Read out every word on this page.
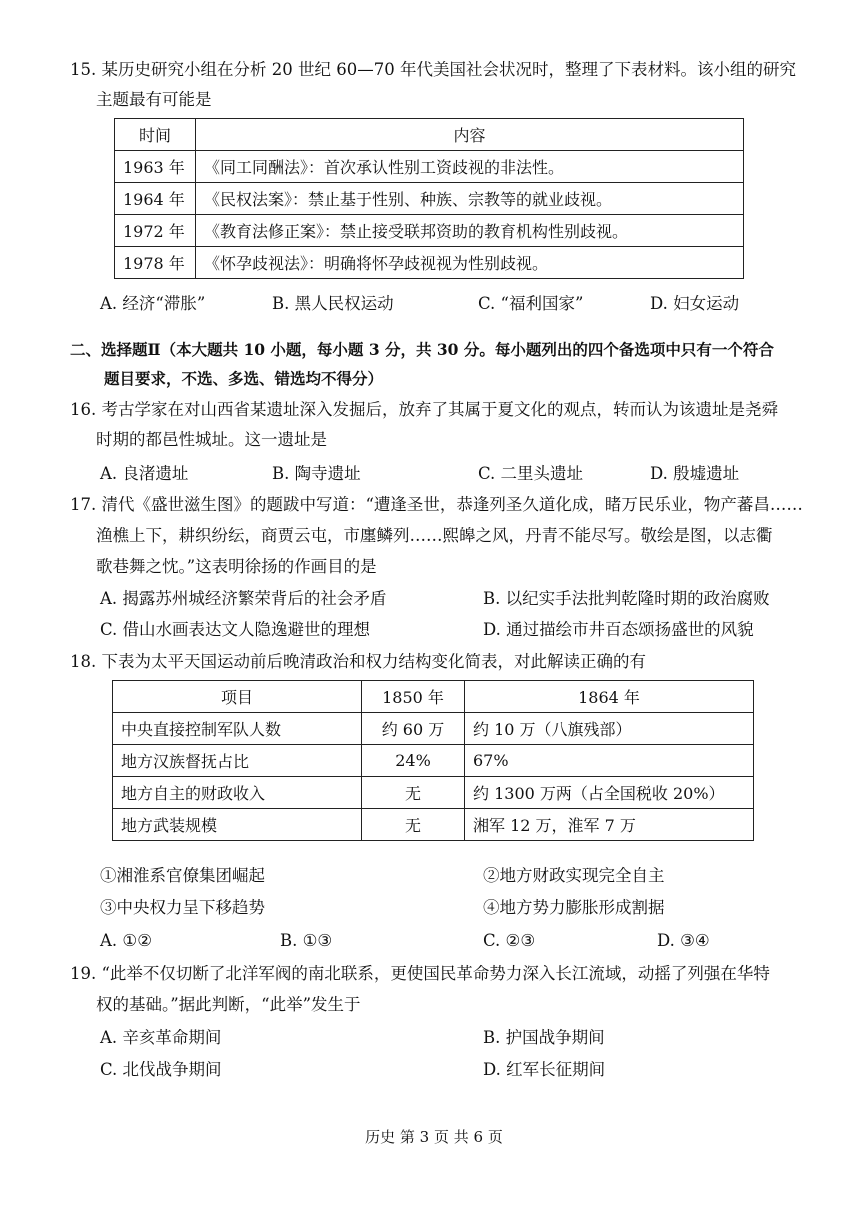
15. 某历史研究小组在分析 20 世纪 60—70 年代美国社会状况时，整理了下表材料。该小组的研究
主题最有可能是
时间	内容
1963 年	《同工同酬法》：首次承认性别工资歧视的非法性。
1964 年	《民权法案》：禁止基于性别、种族、宗教等的就业歧视。
1972 年	《教育法修正案》：禁止接受联邦资助的教育机构性别歧视。
1978 年	《怀孕歧视法》：明确将怀孕歧视视为性别歧视。
A. 经济“滞胀”	B. 黑人民权运动	C. “福利国家”	D. 妇女运动
二、选择题Ⅱ（本大题共 10 小题，每小题 3 分，共 30 分。每小题列出的四个备选项中只有一个符合
题目要求，不选、多选、错选均不得分）
16. 考古学家在对山西省某遗址深入发掘后，放弃了其属于夏文化的观点，转而认为该遗址是尧舜
时期的都邑性城址。这一遗址是
A. 良渚遗址	B. 陶寺遗址	C. 二里头遗址	D. 殷墟遗址
17. 清代《盛世滋生图》的题跋中写道：“遭逢圣世，恭逢列圣久道化成，睹万民乐业，物产蕃昌……
渔樵上下，耕织纷纭，商贾云屯，市廛鳞列……熙皞之风，丹青不能尽写。敬绘是图，以志衢
歌巷舞之忱。”这表明徐扬的作画目的是
A. 揭露苏州城经济繁荣背后的社会矛盾	B. 以纪实手法批判乾隆时期的政治腐败
C. 借山水画表达文人隐逸避世的理想	D. 通过描绘市井百态颂扬盛世的风貌
18. 下表为太平天国运动前后晚清政治和权力结构变化简表，对此解读正确的有
项目	1850 年	1864 年
中央直接控制军队人数	约 60 万	约 10 万（八旗残部）
地方汉族督抚占比	24%	67%
地方自主的财政收入	无	约 1300 万两（占全国税收 20%）
地方武装规模	无	湘军 12 万，淮军 7 万
①湘淮系官僚集团崛起	②地方财政实现完全自主
③中央权力呈下移趋势	④地方势力膨胀形成割据
A. ①②	B. ①③	C. ②③	D. ③④
19. “此举不仅切断了北洋军阀的南北联系，更使国民革命势力深入长江流域，动摇了列强在华特
权的基础。”据此判断，“此举”发生于
A. 辛亥革命期间	B. 护国战争期间
C. 北伐战争期间	D. 红军长征期间
历史 第 3 页 共 6 页
